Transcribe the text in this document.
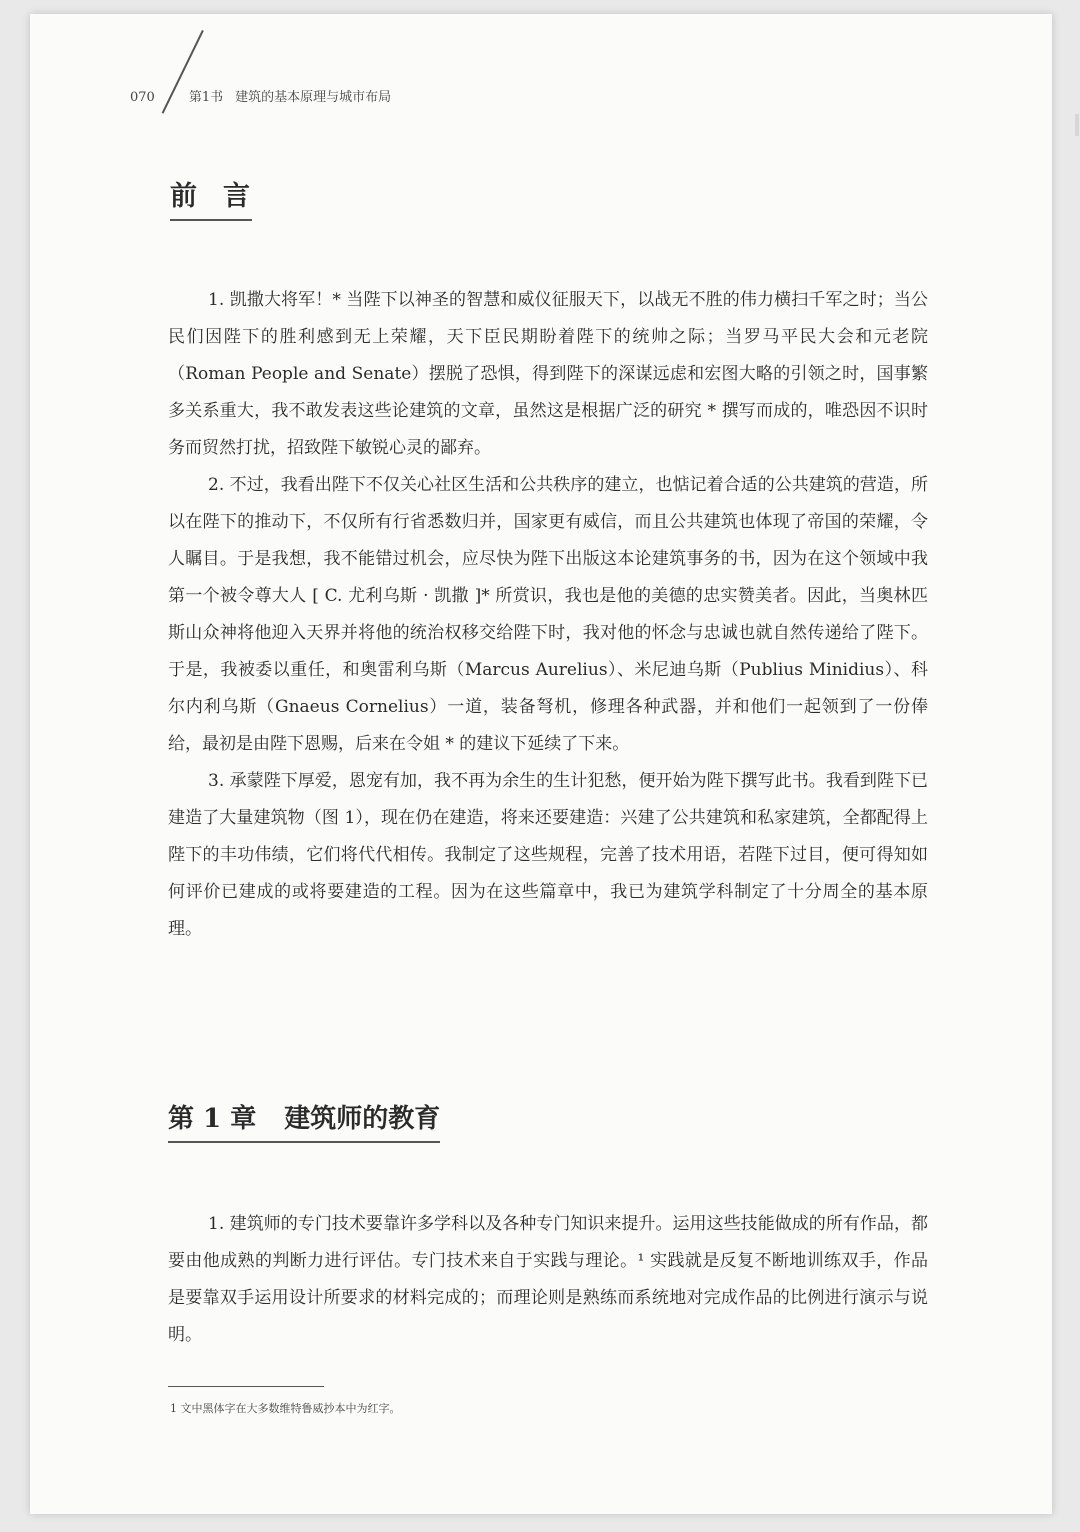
070	第1书 建筑的基本原理与城市布局
前言

1. 凯撒大将军！* 当陛下以神圣的智慧和威仪征服天下，以战无不胜的伟力横扫千军之时；当公民们因陛下的胜利感到无上荣耀，天下臣民期盼着陛下的统帅之际；当罗马平民大会和元老院（Roman People and Senate）摆脱了恐惧，得到陛下的深谋远虑和宏图大略的引领之时，国事繁多关系重大，我不敢发表这些论建筑的文章，虽然这是根据广泛的研究 * 撰写而成的，唯恐因不识时务而贸然打扰，招致陛下敏锐心灵的鄙弃。

2. 不过，我看出陛下不仅关心社区生活和公共秩序的建立，也惦记着合适的公共建筑的营造，所以在陛下的推动下，不仅所有行省悉数归并，国家更有威信，而且公共建筑也体现了帝国的荣耀，令人瞩目。于是我想，我不能错过机会，应尽快为陛下出版这本论建筑事务的书，因为在这个领域中我第一个被令尊大人 [ C. 尤利乌斯 · 凯撒 ]* 所赏识，我也是他的美德的忠实赞美者。因此，当奥林匹斯山众神将他迎入天界并将他的统治权移交给陛下时，我对他的怀念与忠诚也就自然传递给了陛下。于是，我被委以重任，和奥雷利乌斯（Marcus Aurelius）、米尼迪乌斯（Publius Minidius）、科尔内利乌斯（Gnaeus Cornelius）一道，装备弩机，修理各种武器，并和他们一起领到了一份俸给，最初是由陛下恩赐，后来在令姐 * 的建议下延续了下来。

3. 承蒙陛下厚爱，恩宠有加，我不再为余生的生计犯愁，便开始为陛下撰写此书。我看到陛下已建造了大量建筑物（图 1），现在仍在建造，将来还要建造：兴建了公共建筑和私家建筑，全都配得上陛下的丰功伟绩，它们将代代相传。我制定了这些规程，完善了技术用语，若陛下过目，便可得知如何评价已建成的或将要建造的工程。因为在这些篇章中，我已为建筑学科制定了十分周全的基本原理。

第 1 章 建筑师的教育

1. 建筑师的专门技术要靠许多学科以及各种专门知识来提升。运用这些技能做成的所有作品，都要由他成熟的判断力进行评估。专门技术来自于实践与理论。¹ 实践就是反复不断地训练双手，作品是要靠双手运用设计所要求的材料完成的；而理论则是熟练而系统地对完成作品的比例进行演示与说明。

1 文中黑体字在大多数维特鲁威抄本中为红字。
